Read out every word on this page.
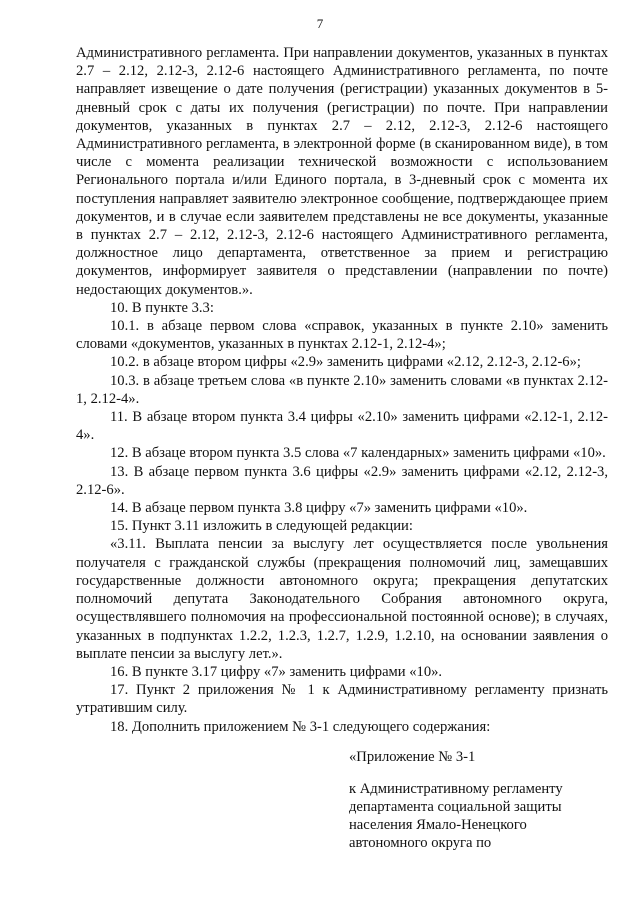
7

Административного регламента. При направлении документов, указанных в пунктах 2.7 – 2.12, 2.12-3, 2.12-6 настоящего Административного регламента, по почте направляет извещение о дате получения (регистрации) указанных документов в 5-дневный срок с даты их получения (регистрации) по почте. При направлении документов, указанных в пунктах 2.7 – 2.12, 2.12-3, 2.12-6 настоящего Административного регламента, в электронной форме (в сканированном виде), в том числе с момента реализации технической возможности с использованием Регионального портала и/или Единого портала, в 3-дневный срок с момента их поступления направляет заявителю электронное сообщение, подтверждающее прием документов, и в случае если заявителем представлены не все документы, указанные в пунктах 2.7 – 2.12, 2.12-3, 2.12-6 настоящего Административного регламента, должностное лицо департамента, ответственное за прием и регистрацию документов, информирует заявителя о представлении (направлении по почте) недостающих документов.».

10. В пункте 3.3:

10.1. в абзаце первом слова «справок, указанных в пункте 2.10» заменить словами «документов, указанных в пунктах 2.12-1, 2.12-4»;

10.2. в абзаце втором цифры «2.9» заменить цифрами «2.12, 2.12-3, 2.12-6»;

10.3. в абзаце третьем слова «в пункте 2.10» заменить словами «в пунктах 2.12-1, 2.12-4».

11. В абзаце втором пункта 3.4 цифры «2.10» заменить цифрами «2.12-1, 2.12-4».

12. В абзаце втором пункта 3.5 слова «7 календарных» заменить цифрами «10».

13. В абзаце первом пункта 3.6 цифры «2.9» заменить цифрами «2.12, 2.12-3, 2.12-6».

14. В абзаце первом пункта 3.8 цифру «7» заменить цифрами «10».

15. Пункт 3.11 изложить в следующей редакции:

«3.11. Выплата пенсии за выслугу лет осуществляется после увольнения получателя с гражданской службы (прекращения полномочий лиц, замещавших государственные должности автономного округа; прекращения депутатских полномочий депутата Законодательного Собрания автономного округа, осуществлявшего полномочия на профессиональной постоянной основе); в случаях, указанных в подпунктах 1.2.2, 1.2.3, 1.2.7, 1.2.9, 1.2.10, на основании заявления о выплате пенсии за выслугу лет.».

16. В пункте 3.17 цифру «7» заменить цифрами «10».

17. Пункт 2 приложения № 1 к Административному регламенту признать утратившим силу.

18. Дополнить приложением № 3-1 следующего содержания:

«Приложение № 3-1
к Административному регламенту
департамента социальной защиты
населения Ямало-Ненецкого
автономного округа по
